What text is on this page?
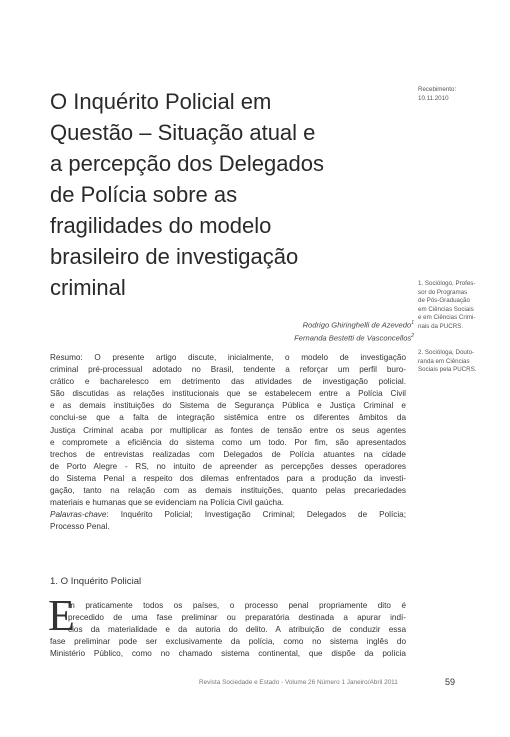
O Inquérito Policial em
Questão – Situação atual e
a percepção dos Delegados
de Polícia sobre as
fragilidades do modelo
brasileiro de investigação
criminal
Recebimento:
10.11.2010
1. Sociólogo, Profes-
sor do Programas
de Pós-Graduação
em Ciências Sociais
e em Ciências Crimi-
nais da PUCRS.
2. Socióloga, Douto-
randa em Ciências
Sociais pela PUCRS.
Rodrigo Ghiringhelli de Azevedo$^1$
Fernanda Bestetti de Vasconcellos$^2$
Resumo: O presente artigo discute, inicialmente, o modelo de investigação
criminal pré-processual adotado no Brasil, tendente a reforçar um perfil buro-
crático e bacharelesco em detrimento das atividades de investigação policial.
São discutidas as relações institucionais que se estabelecem entre a Polícia Civil
e as demais instituições do Sistema de Segurança Pública e Justiça Criminal e
conclui-se que a falta de integração sistêmica entre os diferentes âmbitos da
Justiça Criminal acaba por multiplicar as fontes de tensão entre os seus agentes
e compromete a eficiência do sistema como um todo. Por fim, são apresentados
trechos de entrevistas realizadas com Delegados de Polícia atuantes na cidade
de Porto Alegre - RS, no intuito de apreender as percepções desses operadores
do Sistema Penal a respeito dos dilemas enfrentados para a produção da investi-
gação, tanto na relação com as demais instituições, quanto pelas precariedades
materiais e humanas que se evidenciam na Polícia Civil gaúcha.
Palavras-chave: Inquérito Policial; Investigação Criminal; Delegados de Polícia;
Processo Penal.
1. O Inquérito Policial
E
m praticamente todos os países, o processo penal propriamente dito é
precedido de uma fase preliminar ou preparatória destinada a apurar indí-
cios da materialidade e da autoria do delito. A atribuição de conduzir essa
fase preliminar pode ser exclusivamente da polícia, como no sistema inglês do
Ministério Público, como no chamado sistema continental, que dispõe da polícia
Revista Sociedade e Estado - Volume 26 Número 1 Janeiro/Abril 2011	59
